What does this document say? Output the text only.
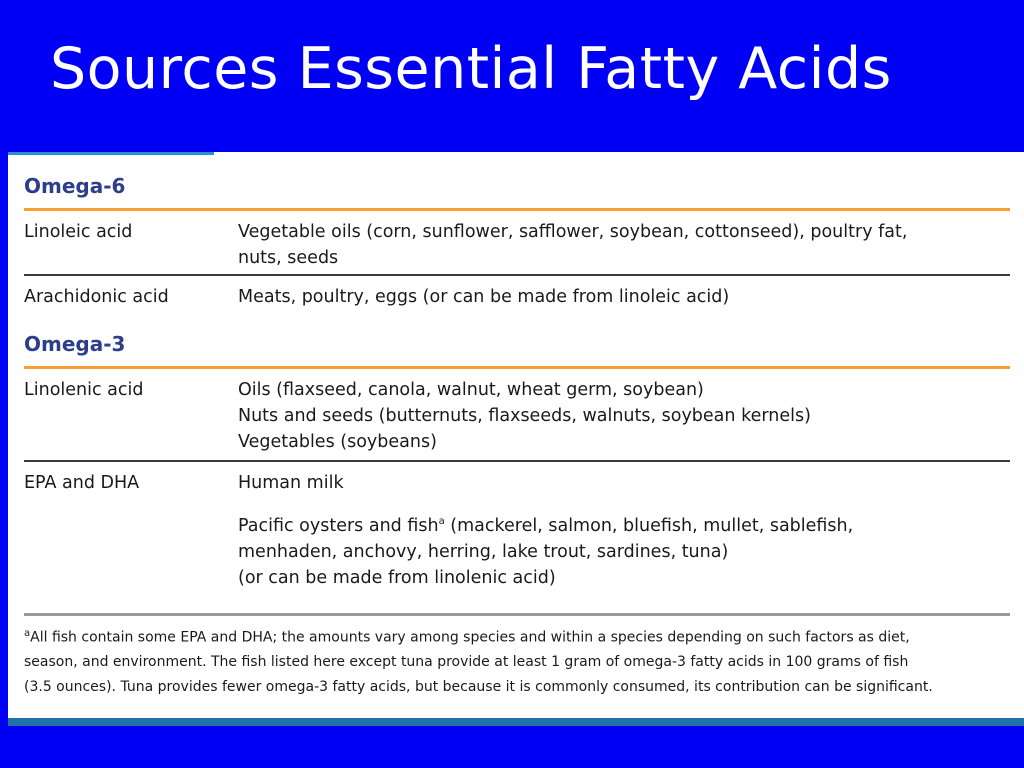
Sources Essential Fatty Acids
Omega-6
Linoleic acid	Vegetable oils (corn, sunflower, safflower, soybean, cottonseed), poultry fat,
nuts, seeds
Arachidonic acid	Meats, poultry, eggs (or can be made from linoleic acid)
Omega-3
Linolenic acid	Oils (flaxseed, canola, walnut, wheat germ, soybean)
Nuts and seeds (butternuts, flaxseeds, walnuts, soybean kernels)
Vegetables (soybeans)
EPA and DHA	Human milk
Pacific oysters and fish$^a$ (mackerel, salmon, bluefish, mullet, sablefish,
menhaden, anchovy, herring, lake trout, sardines, tuna)
(or can be made from linolenic acid)
$^a$All fish contain some EPA and DHA; the amounts vary among species and within a species depending on such factors as diet,
season, and environment. The fish listed here except tuna provide at least 1 gram of omega-3 fatty acids in 100 grams of fish
(3.5 ounces). Tuna provides fewer omega-3 fatty acids, but because it is commonly consumed, its contribution can be significant.
